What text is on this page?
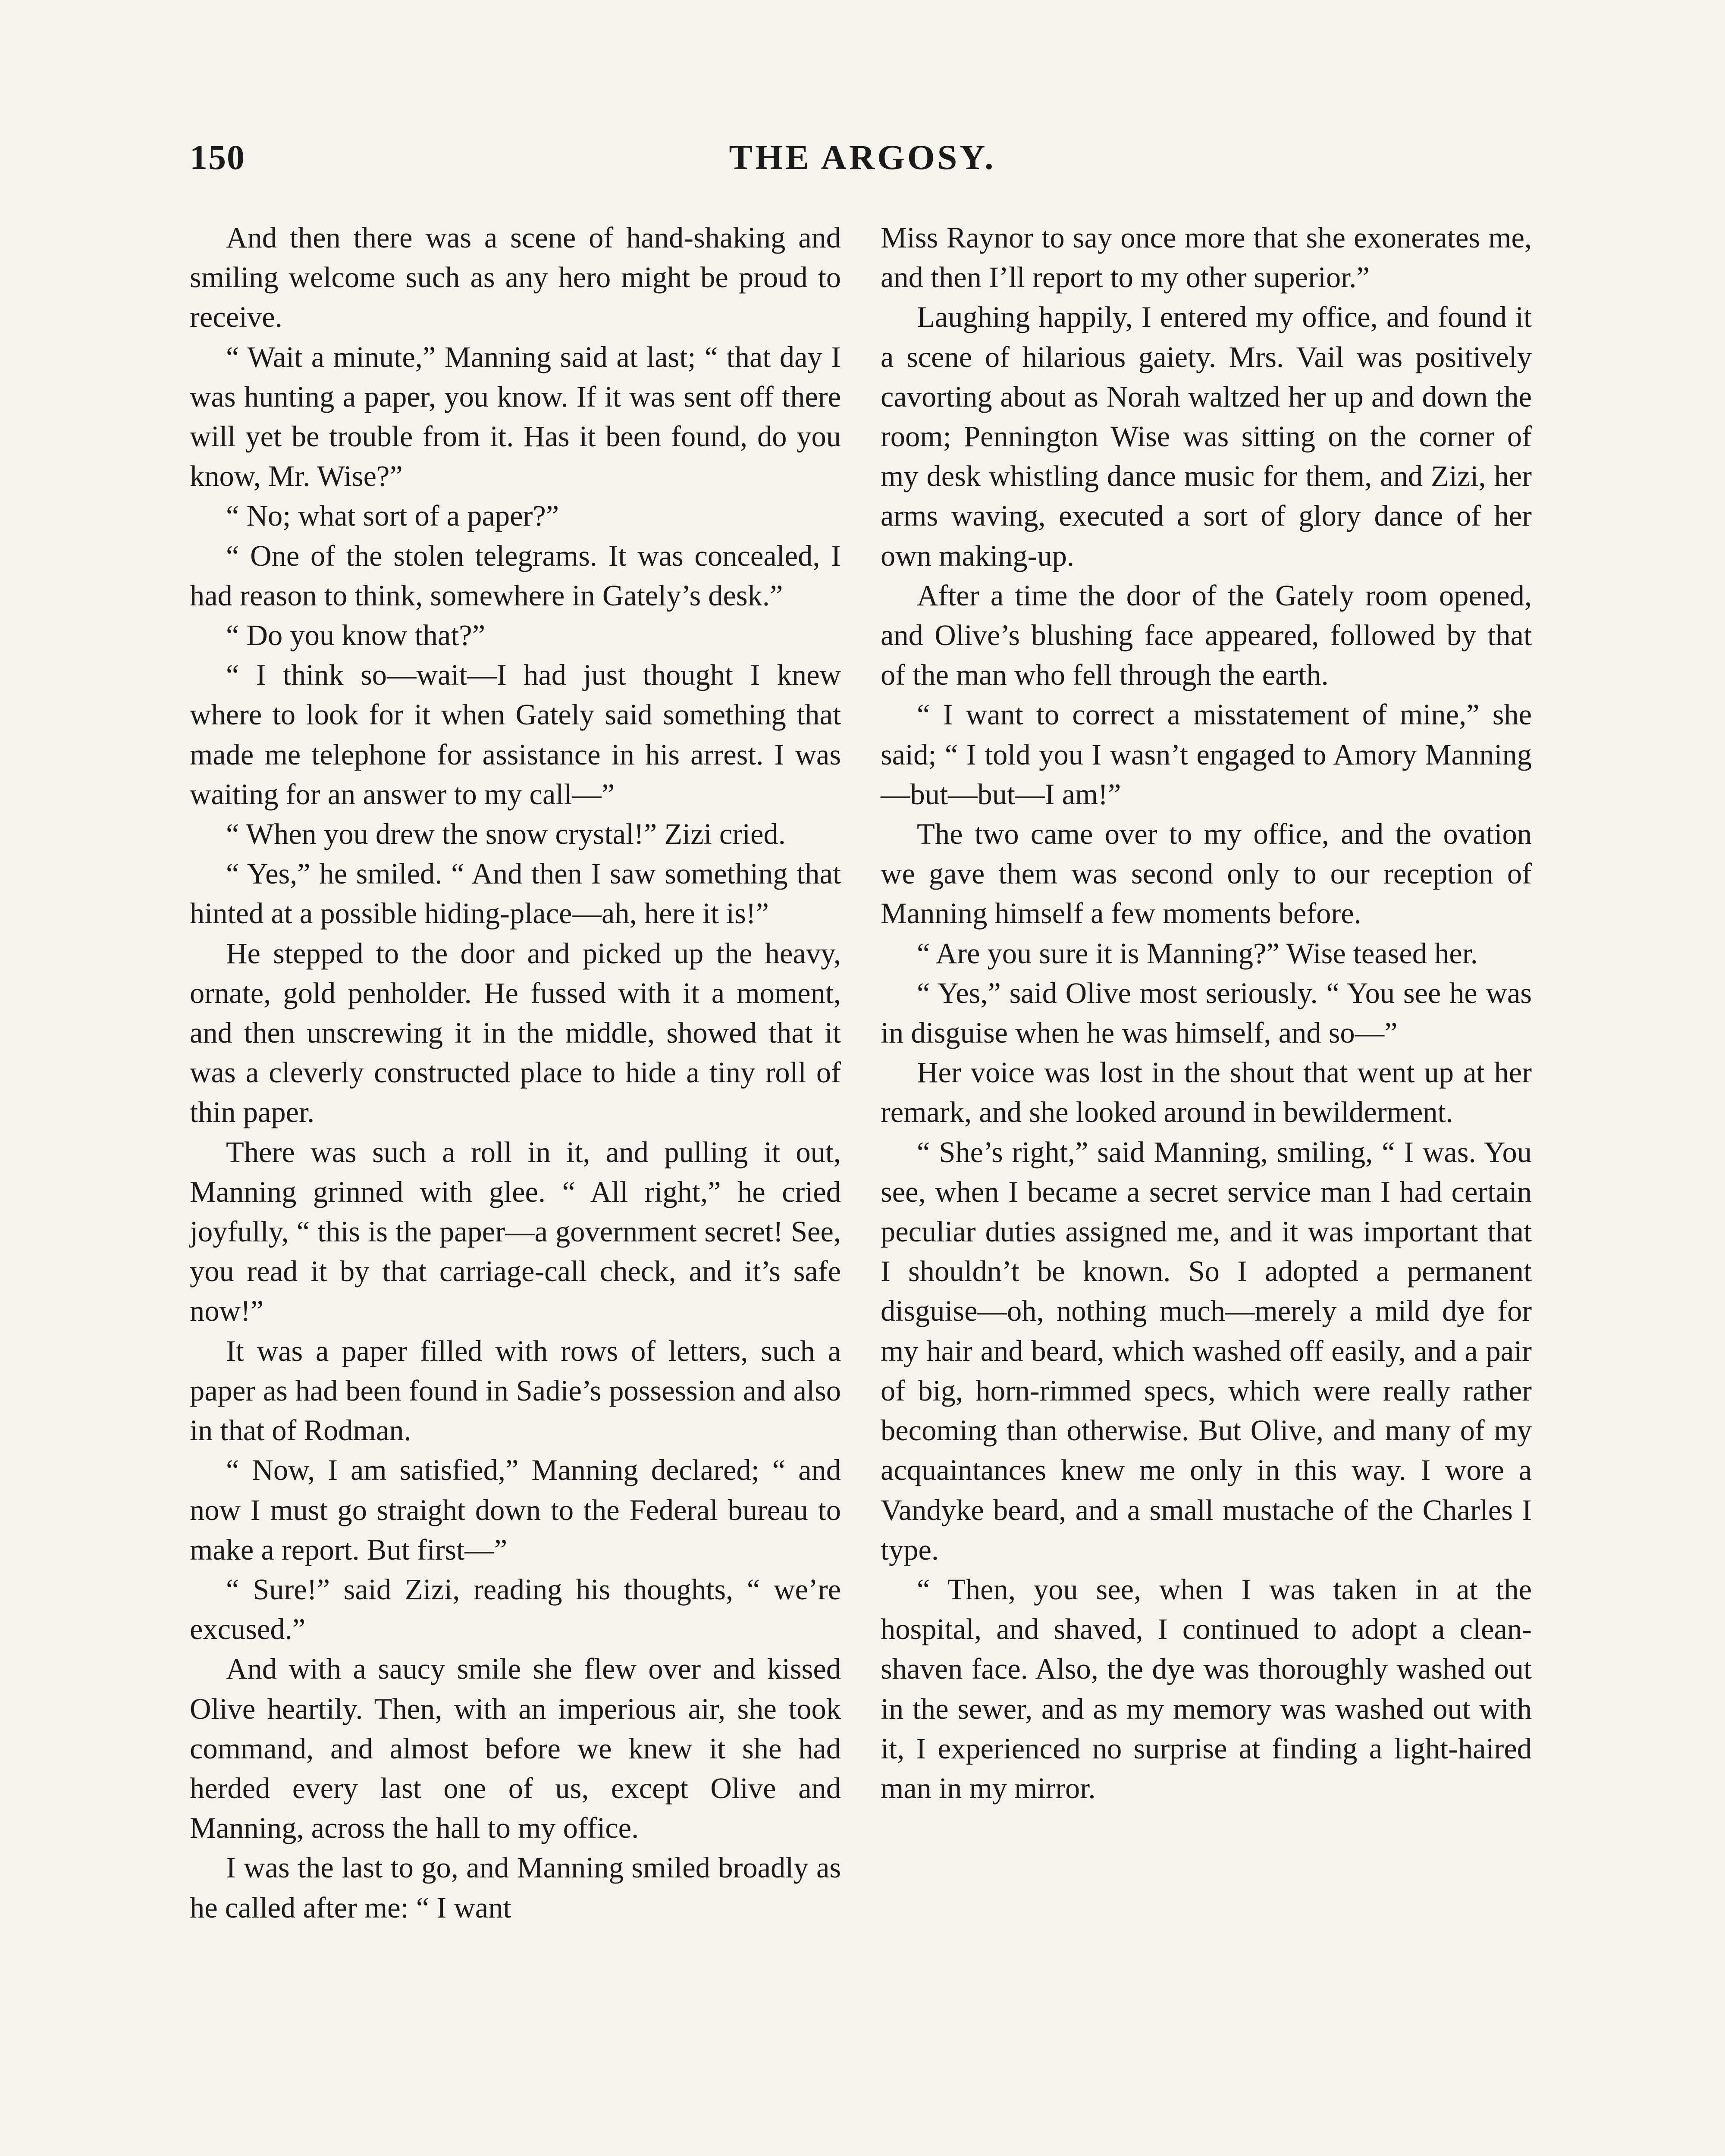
150	THE ARGOSY.

And then there was a scene of hand-shaking and smiling welcome such as any hero might be proud to receive.

“ Wait a minute,” Manning said at last; “ that day I was hunting a paper, you know. If it was sent off there will yet be trouble from it. Has it been found, do you know, Mr. Wise?”

“ No; what sort of a paper?”

“ One of the stolen telegrams. It was concealed, I had reason to think, somewhere in Gately’s desk.”

“ Do you know that?”

“ I think so—wait—I had just thought I knew where to look for it when Gately said something that made me telephone for assistance in his arrest. I was waiting for an answer to my call—”

“ When you drew the snow crystal!” Zizi cried.

“ Yes,” he smiled. “ And then I saw something that hinted at a possible hiding-place—ah, here it is!”

He stepped to the door and picked up the heavy, ornate, gold penholder. He fussed with it a moment, and then unscrewing it in the middle, showed that it was a cleverly constructed place to hide a tiny roll of thin paper.

There was such a roll in it, and pulling it out, Manning grinned with glee. “ All right,” he cried joyfully, “ this is the paper—a government secret! See, you read it by that carriage-call check, and it’s safe now!”

It was a paper filled with rows of letters, such a paper as had been found in Sadie’s possession and also in that of Rodman.

“ Now, I am satisfied,” Manning declared; “ and now I must go straight down to the Federal bureau to make a report. But first—”

“ Sure!” said Zizi, reading his thoughts, “ we’re excused.”

And with a saucy smile she flew over and kissed Olive heartily. Then, with an imperious air, she took command, and almost before we knew it she had herded every last one of us, except Olive and Manning, across the hall to my office.

I was the last to go, and Manning smiled broadly as he called after me: “ I want

Miss Raynor to say once more that she exonerates me, and then I’ll report to my other superior.”

Laughing happily, I entered my office, and found it a scene of hilarious gaiety. Mrs. Vail was positively cavorting about as Norah waltzed her up and down the room; Pennington Wise was sitting on the corner of my desk whistling dance music for them, and Zizi, her arms waving, executed a sort of glory dance of her own making-up.

After a time the door of the Gately room opened, and Olive’s blushing face appeared, followed by that of the man who fell through the earth.

“ I want to correct a misstatement of mine,” she said; “ I told you I wasn’t engaged to Amory Manning—but—but—I am!”

The two came over to my office, and the ovation we gave them was second only to our reception of Manning himself a few moments before.

“ Are you sure it is Manning?” Wise teased her.

“ Yes,” said Olive most seriously. “ You see he was in disguise when he was himself, and so—”

Her voice was lost in the shout that went up at her remark, and she looked around in bewilderment.

“ She’s right,” said Manning, smiling, “ I was. You see, when I became a secret service man I had certain peculiar duties assigned me, and it was important that I shouldn’t be known. So I adopted a permanent disguise—oh, nothing much—merely a mild dye for my hair and beard, which washed off easily, and a pair of big, horn-rimmed specs, which were really rather becoming than otherwise. But Olive, and many of my acquaintances knew me only in this way. I wore a Vandyke beard, and a small mustache of the Charles I type.

“ Then, you see, when I was taken in at the hospital, and shaved, I continued to adopt a clean-shaven face. Also, the dye was thoroughly washed out in the sewer, and as my memory was washed out with it, I experienced no surprise at finding a light-haired man in my mirror.
